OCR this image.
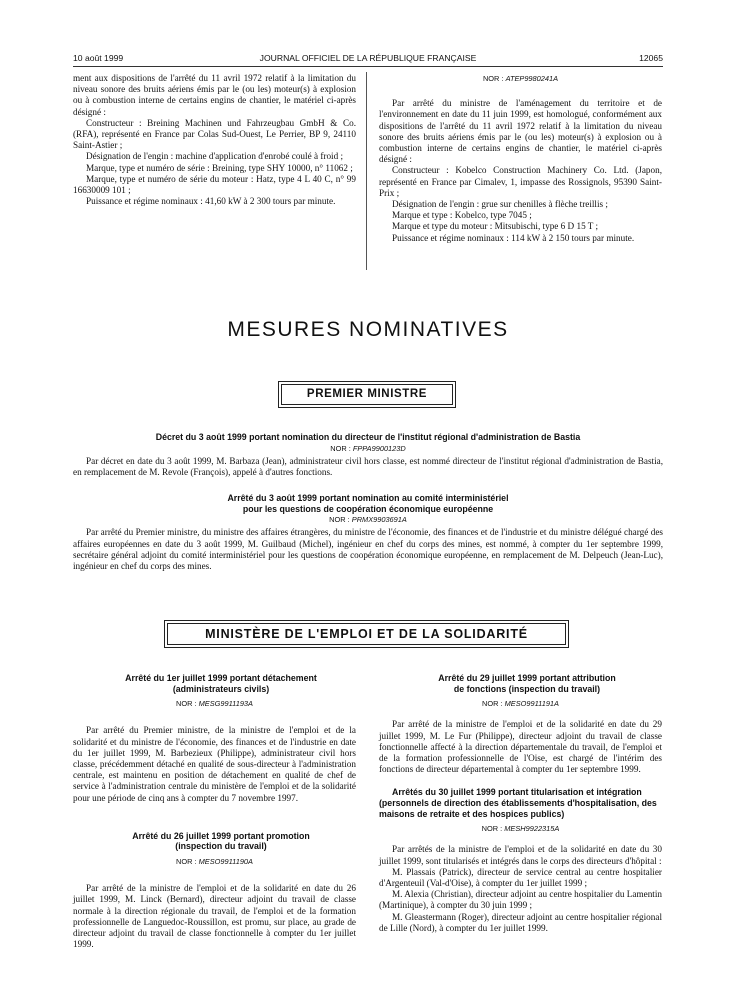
10 août 1999	JOURNAL OFFICIEL DE LA RÉPUBLIQUE FRANÇAISE	12065

ment aux dispositions de l'arrêté du 11 avril 1972 relatif à la limitation du niveau sonore des bruits aériens émis par le (ou les) moteur(s) à explosion ou à combustion interne de certains engins de chantier, le matériel ci-après désigné :

Constructeur : Breining Machinen und Fahrzeugbau GmbH & Co. (RFA), représenté en France par Colas Sud-Ouest, Le Perrier, BP 9, 24110 Saint-Astier ;

Désignation de l'engin : machine d'application d'enrobé coulé à froid ;

Marque, type et numéro de série : Breining, type SHY 10000, n° 11062 ;

Marque, type et numéro de série du moteur : Hatz, type 4 L 40 C, n° 99 16630009 101 ;

Puissance et régime nominaux : 41,60 kW à 2 300 tours par minute.

NOR : ATEP9980241A

Par arrêté du ministre de l'aménagement du territoire et de l'environnement en date du 11 juin 1999, est homologué, conformément aux dispositions de l'arrêté du 11 avril 1972 relatif à la limitation du niveau sonore des bruits aériens émis par le (ou les) moteur(s) à explosion ou à combustion interne de certains engins de chantier, le matériel ci-après désigné :

Constructeur : Kobelco Construction Machinery Co. Ltd. (Japon, représenté en France par Cimalev, 1, impasse des Rossignols, 95390 Saint-Prix ;

Désignation de l'engin : grue sur chenilles à flèche treillis ;

Marque et type : Kobelco, type 7045 ;

Marque et type du moteur : Mitsubischi, type 6 D 15 T ;

Puissance et régime nominaux : 114 kW à 2 150 tours par minute.

MESURES NOMINATIVES
PREMIER MINISTRE

Décret du 3 août 1999 portant nomination du directeur de l'institut régional d'administration de Bastia

NOR : FPPA9900123D

Par décret en date du 3 août 1999, M. Barbaza (Jean), administrateur civil hors classe, est nommé directeur de l'institut régional d'administration de Bastia, en remplacement de M. Revole (François), appelé à d'autres fonctions.

Arrêté du 3 août 1999 portant nomination au comité interministériel

pour les questions de coopération économique européenne

NOR : PRMX9903691A

Par arrêté du Premier ministre, du ministre des affaires étrangères, du ministre de l'économie, des finances et de l'industrie et du ministre délégué chargé des affaires européennes en date du 3 août 1999, M. Guilbaud (Michel), ingénieur en chef du corps des mines, est nommé, à compter du 1er septembre 1999, secrétaire général adjoint du comité interministériel pour les questions de coopération économique européenne, en remplacement de M. Delpeuch (Jean-Luc), ingénieur en chef du corps des mines.

MINISTÈRE DE L'EMPLOI ET DE LA SOLIDARITÉ

Arrêté du 1er juillet 1999 portant détachement

(administrateurs civils)

NOR : MESG9911193A

Par arrêté du Premier ministre, de la ministre de l'emploi et de la solidarité et du ministre de l'économie, des finances et de l'industrie en date du 1er juillet 1999, M. Barbezieux (Philippe), administrateur civil hors classe, précédemment détaché en qualité de sous-directeur à l'administration centrale, est maintenu en position de détachement en qualité de chef de service à l'administration centrale du ministère de l'emploi et de la solidarité pour une période de cinq ans à compter du 7 novembre 1997.

Arrêté du 26 juillet 1999 portant promotion

(inspection du travail)

NOR : MESO9911190A

Par arrêté de la ministre de l'emploi et de la solidarité en date du 26 juillet 1999, M. Linck (Bernard), directeur adjoint du travail de classe normale à la direction régionale du travail, de l'emploi et de la formation professionnelle de Languedoc-Roussillon, est promu, sur place, au grade de directeur adjoint du travail de classe fonctionnelle à compter du 1er juillet 1999.

Arrêté du 29 juillet 1999 portant attribution

de fonctions (inspection du travail)

NOR : MESO9911191A

Par arrêté de la ministre de l'emploi et de la solidarité en date du 29 juillet 1999, M. Le Fur (Philippe), directeur adjoint du travail de classe fonctionnelle affecté à la direction départementale du travail, de l'emploi et de la formation professionnelle de l'Oise, est chargé de l'intérim des fonctions de directeur départemental à compter du 1er septembre 1999.

Arrêtés du 30 juillet 1999 portant titularisation et intégration (personnels de direction des établissements d'hospitalisation, des maisons de retraite et des hospices publics)

NOR : MESH9922315A

Par arrêtés de la ministre de l'emploi et de la solidarité en date du 30 juillet 1999, sont titularisés et intégrés dans le corps des directeurs d'hôpital :

M. Plassais (Patrick), directeur de service central au centre hospitalier d'Argenteuil (Val-d'Oise), à compter du 1er juillet 1999 ;

M. Alexia (Christian), directeur adjoint au centre hospitalier du Lamentin (Martinique), à compter du 30 juin 1999 ;

M. Gleastermann (Roger), directeur adjoint au centre hospitalier régional de Lille (Nord), à compter du 1er juillet 1999.
